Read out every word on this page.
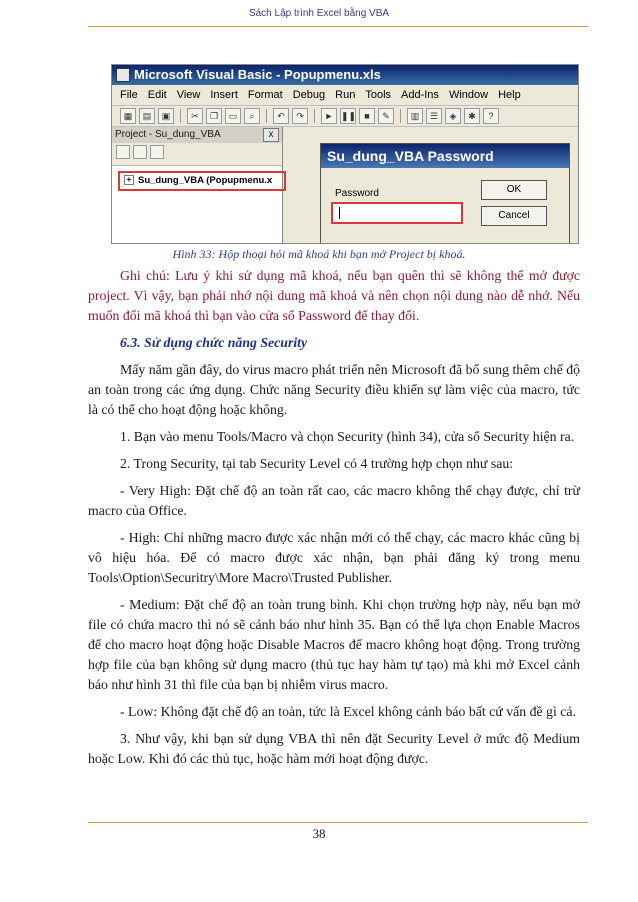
Sách Lập trình Excel bằng VBA
Microsoft Visual Basic - Popupmenu.xls
File Edit View Insert Format Debug Run Tools Add-Ins Window Help
▦	▤	▣	✂	❐	▭	⌕	↶	↷	► ❚❚ ■	✎	▥	☰	◈	✱	?
Project - Su_dung_VBA	x
+ Su_dung_VBA (Popupmenu.x
Su_dung_VBA Password
Password	OK
Cancel
Hình 33: Hộp thoại hỏi mã khoá khi bạn mở Project bị khoá.

Ghi chú: Lưu ý khi sử dụng mã khoá, nếu bạn quên thì sẽ không thể mở được project. Vì vậy, bạn phải nhớ nội dung mã khoá và nên chọn nội dung nào dễ nhớ. Nếu muốn đổi mã khoá thì bạn vào cửa sổ Password để thay đổi.

6.3. Sử dụng chức năng Security

Mấy năm gần đây, do virus macro phát triển nên Microsoft đã bổ sung thêm chế độ an toàn trong các ứng dụng. Chức năng Security điều khiển sự làm việc của macro, tức là có thể cho hoạt động hoặc không.

1. Bạn vào menu Tools/Macro và chọn Security (hình 34), cửa sổ Security hiện ra.

2. Trong Security, tại tab Security Level có 4 trường hợp chọn như sau:

- Very High: Đặt chế độ an toàn rất cao, các macro không thể chạy được, chỉ trừ macro của Office.

- High: Chỉ những macro được xác nhận mới có thể chạy, các macro khác cũng bị vô hiệu hóa. Để có macro được xác nhận, bạn phải đăng ký trong menu Tools\Option\Securitry\More Macro\Trusted Publisher.

- Medium: Đặt chế độ an toàn trung bình. Khi chọn trường hợp này, nếu bạn mở file có chứa macro thì nó sẽ cảnh báo như hình 35. Bạn có thể lựa chọn Enable Macros để cho macro hoạt động hoặc Disable Macros để macro không hoạt động. Trong trường hợp file của bạn không sử dụng macro (thủ tục hay hàm tự tạo) mà khi mở Excel cảnh báo như hình 31 thì file của bạn bị nhiễm virus macro.

- Low: Không đặt chế độ an toàn, tức là Excel không cảnh báo bất cứ vấn đề gì cả.

3. Như vậy, khi bạn sử dụng VBA thì nên đặt Security Level ở mức độ Medium hoặc Low. Khi đó các thủ tục, hoặc hàm mới hoạt động được.

38
